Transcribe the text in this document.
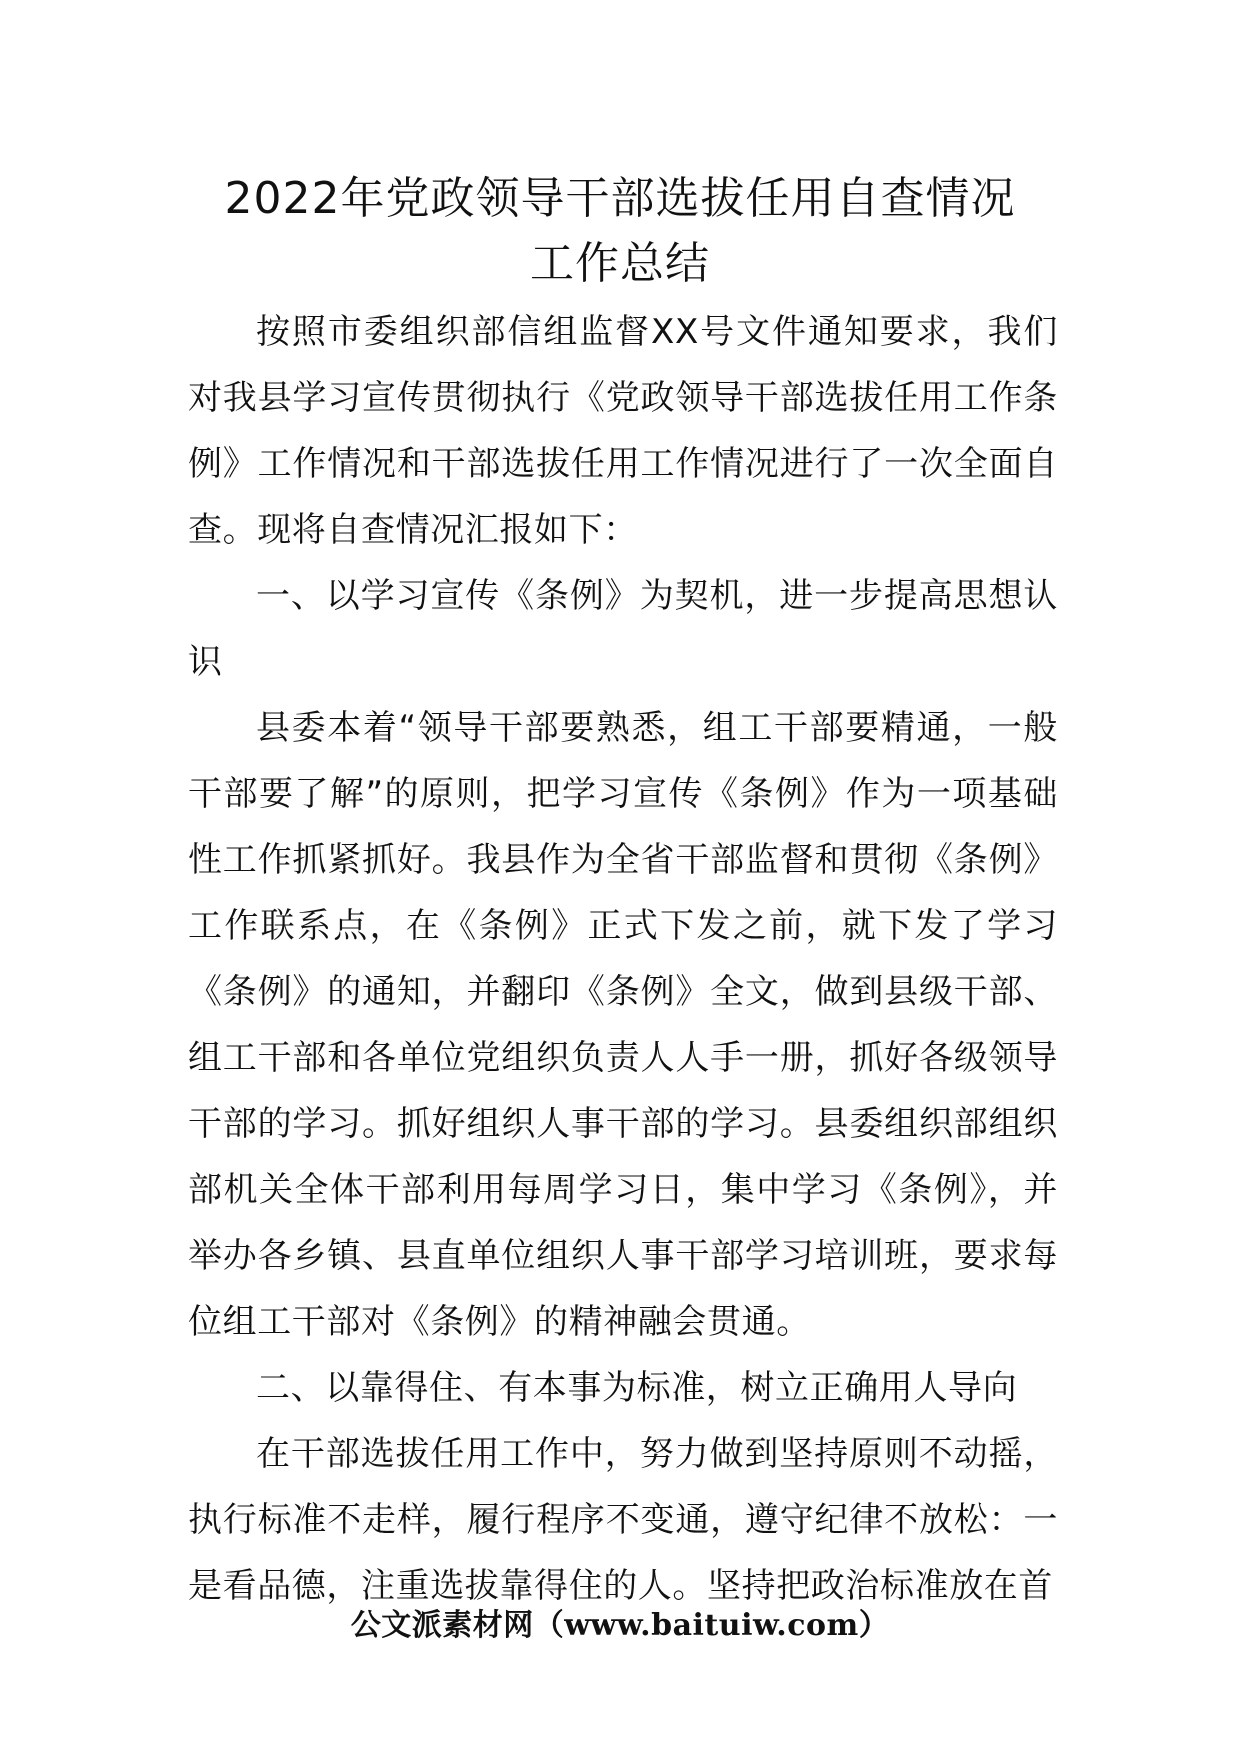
2022年党政领导干部选拔任用自查情况
工作总结

按照市委组织部信组监督XX号文件通知要求，我们对我县学习宣传贯彻执行《党政领导干部选拔任用工作条例》工作情况和干部选拔任用工作情况进行了一次全面自查。现将自查情况汇报如下：

一、以学习宣传《条例》为契机，进一步提高思想认识

县委本着“领导干部要熟悉，组工干部要精通，一般干部要了解”的原则，把学习宣传《条例》作为一项基础性工作抓紧抓好。我县作为全省干部监督和贯彻《条例》工作联系点，在《条例》正式下发之前，就下发了学习《条例》的通知，并翻印《条例》全文，做到县级干部、组工干部和各单位党组织负责人人手一册，抓好各级领导干部的学习。抓好组织人事干部的学习。县委组织部组织部机关全体干部利用每周学习日，集中学习《条例》，并举办各乡镇、县直单位组织人事干部学习培训班，要求每位组工干部对《条例》的精神融会贯通。

二、以靠得住、有本事为标准，树立正确用人导向

在干部选拔任用工作中，努力做到坚持原则不动摇，执行标准不走样，履行程序不变通，遵守纪律不放松：一是看品德，注重选拔靠得住的人。坚持把政治标准放在首

公文派素材网（www.baituiw.com）
